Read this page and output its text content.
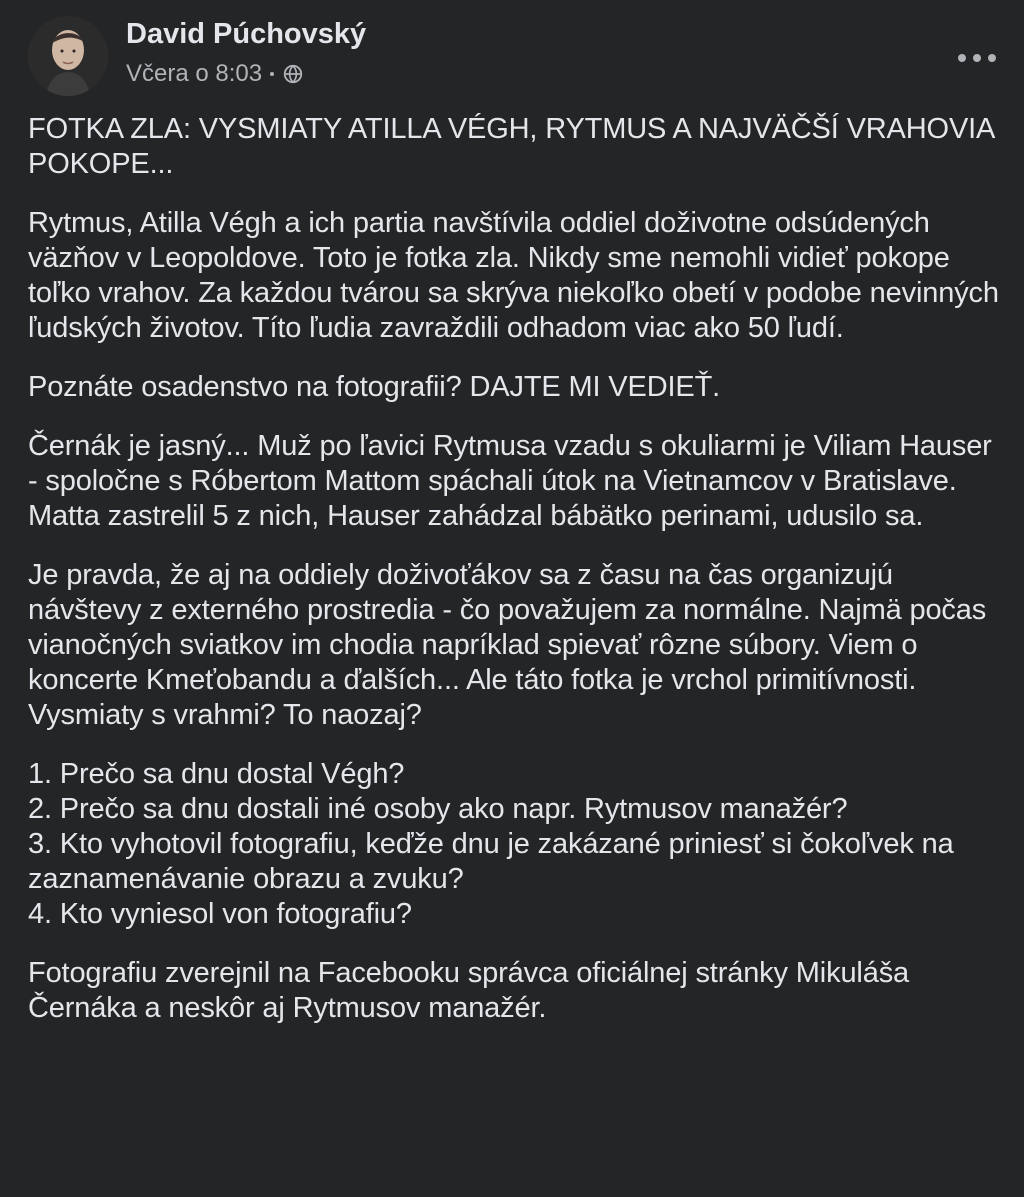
David Púchovský
Včera o 8:03

FOTKA ZLA: VYSMIATY ATILLA VÉGH, RYTMUS A NAJVÄČŠÍ VRAHOVIA POKOPE...

Rytmus, Atilla Végh a ich partia navštívila oddiel doživotne odsúdených väzňov v Leopoldove. Toto je fotka zla. Nikdy sme nemohli vidieť pokope toľko vrahov. Za každou tvárou sa skrýva niekoľko obetí v podobe nevinných ľudských životov. Títo ľudia zavraždili odhadom viac ako 50 ľudí.

Poznáte osadenstvo na fotografii? DAJTE MI VEDIEŤ.

Černák je jasný... Muž po ľavici Rytmusa vzadu s okuliarmi je Viliam Hauser - spoločne s Róbertom Mattom spáchali útok na Vietnamcov v Bratislave. Matta zastrelil 5 z nich, Hauser zahádzal bábätko perinami, udusilo sa.

Je pravda, že aj na oddiely doživoťákov sa z času na čas organizujú návštevy z externého prostredia - čo považujem za normálne. Najmä počas vianočných sviatkov im chodia napríklad spievať rôzne súbory. Viem o koncerte Kmeťobandu a ďalších... Ale táto fotka je vrchol primitívnosti. Vysmiaty s vrahmi? To naozaj?

1. Prečo sa dnu dostal Végh?
2. Prečo sa dnu dostali iné osoby ako napr. Rytmusov manažér?
3. Kto vyhotovil fotografiu, keďže dnu je zakázané priniesť si čokoľvek na zaznamenávanie obrazu a zvuku?
4. Kto vyniesol von fotografiu?

Fotografiu zverejnil na Facebooku správca oficiálnej stránky Mikuláša Černáka a neskôr aj Rytmusov manažér.
